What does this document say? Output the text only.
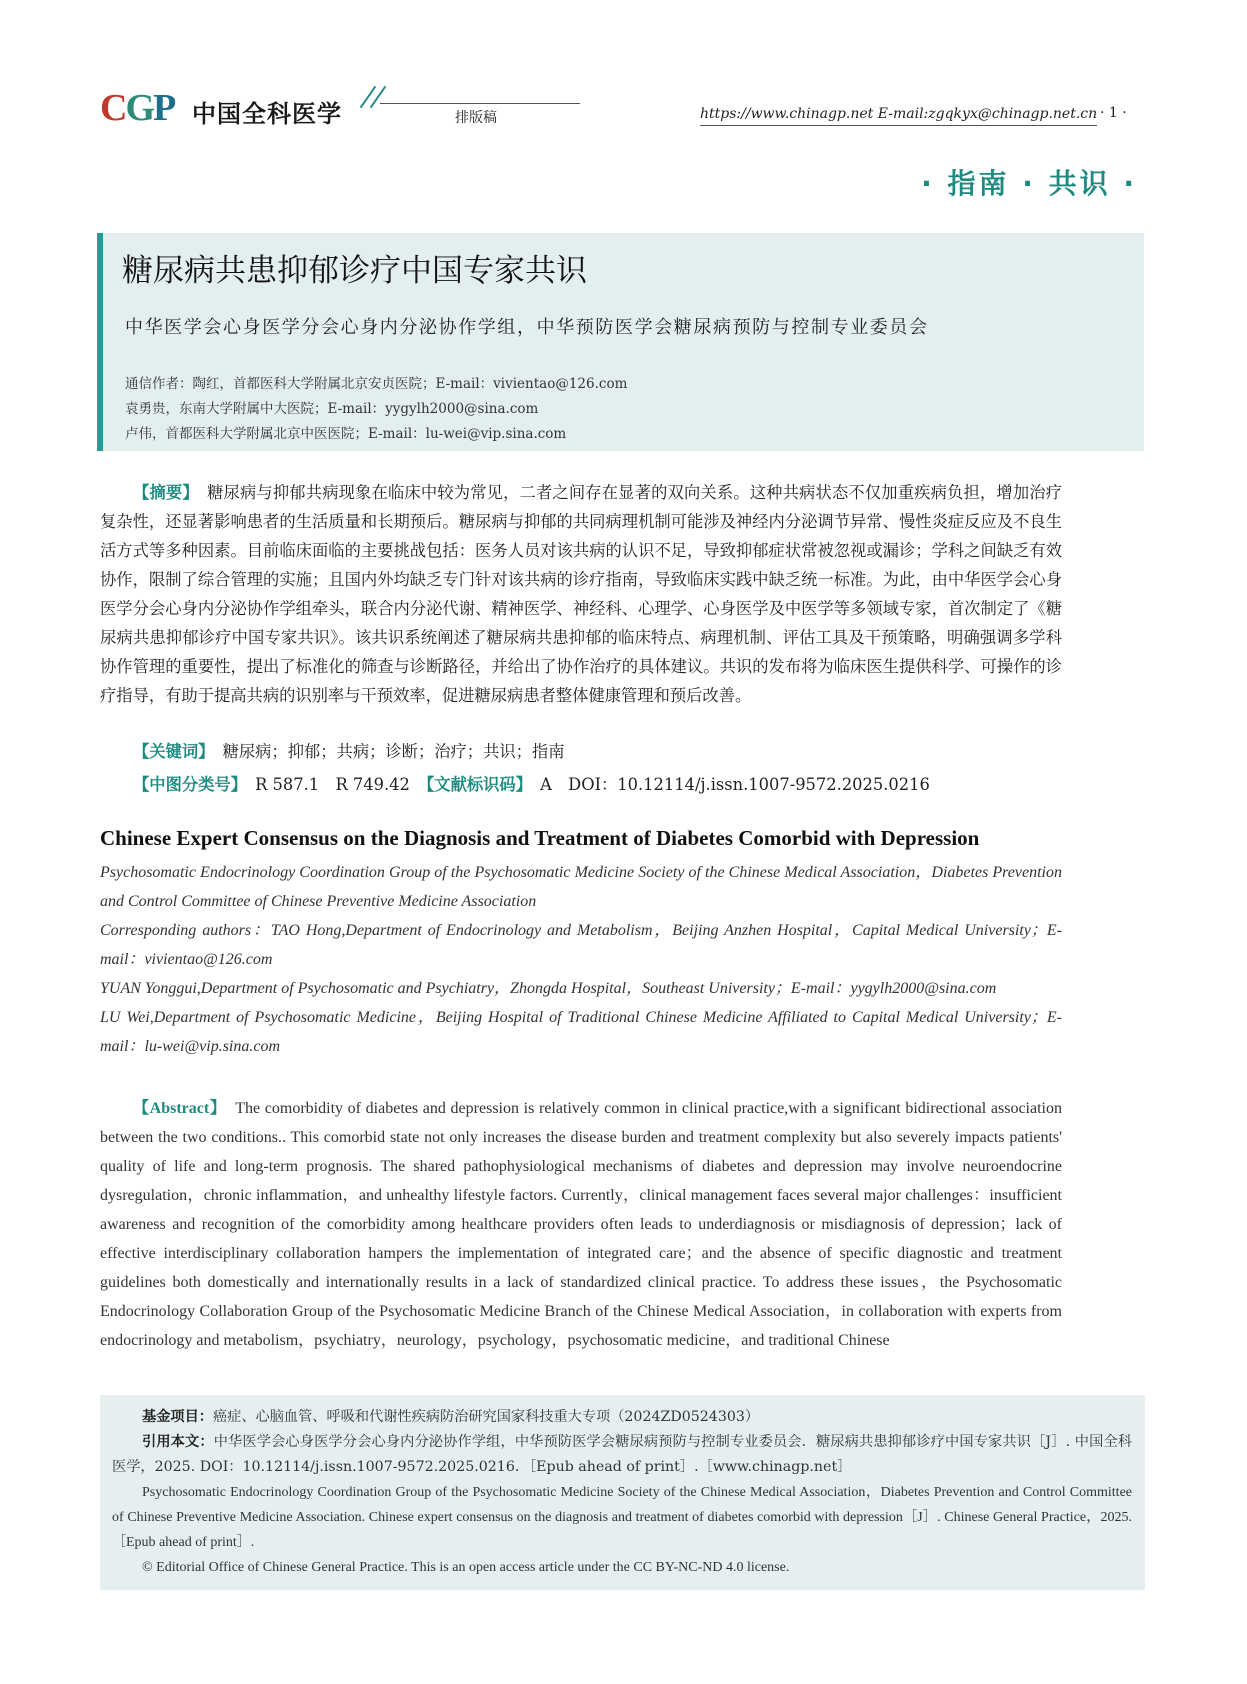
CGP 中国全科医学	排版稿	https://www.chinagp.net E-mail:zgqkyx@chinagp.net.cn · 1 ·
· 指南 · 共识 ·
糖尿病共患抑郁诊疗中国专家共识
中华医学会心身医学分会心身内分泌协作学组，中华预防医学会糖尿病预防与控制专业委员会
通信作者：陶红，首都医科大学附属北京安贞医院；E-mail：vivientao@126.com
袁勇贵，东南大学附属中大医院；E-mail：yygylh2000@sina.com
卢伟，首都医科大学附属北京中医医院；E-mail：lu-wei@vip.sina.com
【摘要】　 糖尿病与抑郁共病现象在临床中较为常见，二者之间存在显著的双向关系。这种共病状态不仅加重疾病负担，增加治疗复杂性，还显著影响患者的生活质量和长期预后。糖尿病与抑郁的共同病理机制可能涉及神经内分泌调节异常、慢性炎症反应及不良生活方式等多种因素。目前临床面临的主要挑战包括：医务人员对该共病的认识不足，导致抑郁症状常被忽视或漏诊；学科之间缺乏有效协作，限制了综合管理的实施；且国内外均缺乏专门针对该共病的诊疗指南，导致临床实践中缺乏统一标准。为此，由中华医学会心身医学分会心身内分泌协作学组牵头，联合内分泌代谢、精神医学、神经科、心理学、心身医学及中医学等多领域专家，首次制定了《糖尿病共患抑郁诊疗中国专家共识》。该共识系统阐述了糖尿病共患抑郁的临床特点、病理机制、评估工具及干预策略，明确强调多学科协作管理的重要性，提出了标准化的筛查与诊断路径，并给出了协作治疗的具体建议。共识的发布将为临床医生提供科学、可操作的诊疗指导，有助于提高共病的识别率与干预效率，促进糖尿病患者整体健康管理和预后改善。
【关键词】　 糖尿病；抑郁；共病；诊断；治疗；共识；指南
【中图分类号】　 R 587.1　R 749.42　 【文献标识码】　 A　DOI：10.12114/j.issn.1007-9572.2025.0216
Chinese Expert Consensus on the Diagnosis and Treatment of Diabetes Comorbid with Depression

Psychosomatic Endocrinology Coordination Group of the Psychosomatic Medicine Society of the Chinese Medical Association，Diabetes Prevention and Control Committee of Chinese Preventive Medicine Association

Corresponding authors：TAO Hong,Department of Endocrinology and Metabolism，Beijing Anzhen Hospital，Capital Medical University；E-mail：vivientao@126.com

YUAN Yonggui,Department of Psychosomatic and Psychiatry，Zhongda Hospital，Southeast University；E-mail：yygylh2000@sina.com

LU Wei,Department of Psychosomatic Medicine，Beijing Hospital of Traditional Chinese Medicine Affiliated to Capital Medical University；E-mail：lu-wei@vip.sina.com

【Abstract】　 The comorbidity of diabetes and depression is relatively common in clinical practice,with a significant bidirectional association between the two conditions.. This comorbid state not only increases the disease burden and treatment complexity but also severely impacts patients' quality of life and long-term prognosis. The shared pathophysiological mechanisms of diabetes and depression may involve neuroendocrine dysregulation，chronic inflammation，and unhealthy lifestyle factors. Currently，clinical management faces several major challenges：insufficient awareness and recognition of the comorbidity among healthcare providers often leads to underdiagnosis or misdiagnosis of depression；lack of effective interdisciplinary collaboration hampers the implementation of integrated care；and the absence of specific diagnostic and treatment guidelines both domestically and internationally results in a lack of standardized clinical practice. To address these issues，the Psychosomatic Endocrinology Collaboration Group of the Psychosomatic Medicine Branch of the Chinese Medical Association，in collaboration with experts from endocrinology and metabolism，psychiatry，neurology，psychology，psychosomatic medicine，and traditional Chinese

基金项目：癌症、心脑血管、呼吸和代谢性疾病防治研究国家科技重大专项（2024ZD0524303）

引用本文：中华医学会心身医学分会心身内分泌协作学组，中华预防医学会糖尿病预防与控制专业委员会．糖尿病共患抑郁诊疗中国专家共识［J］. 中国全科医学，2025. DOI：10.12114/j.issn.1007-9572.2025.0216．［Epub ahead of print］.［www.chinagp.net］

Psychosomatic Endocrinology Coordination Group of the Psychosomatic Medicine Society of the Chinese Medical Association，Diabetes Prevention and Control Committee of Chinese Preventive Medicine Association. Chinese expert consensus on the diagnosis and treatment of diabetes comorbid with depression［J］. Chinese General Practice，2025.［Epub ahead of print］.

© Editorial Office of Chinese General Practice. This is an open access article under the CC BY-NC-ND 4.0 license.
